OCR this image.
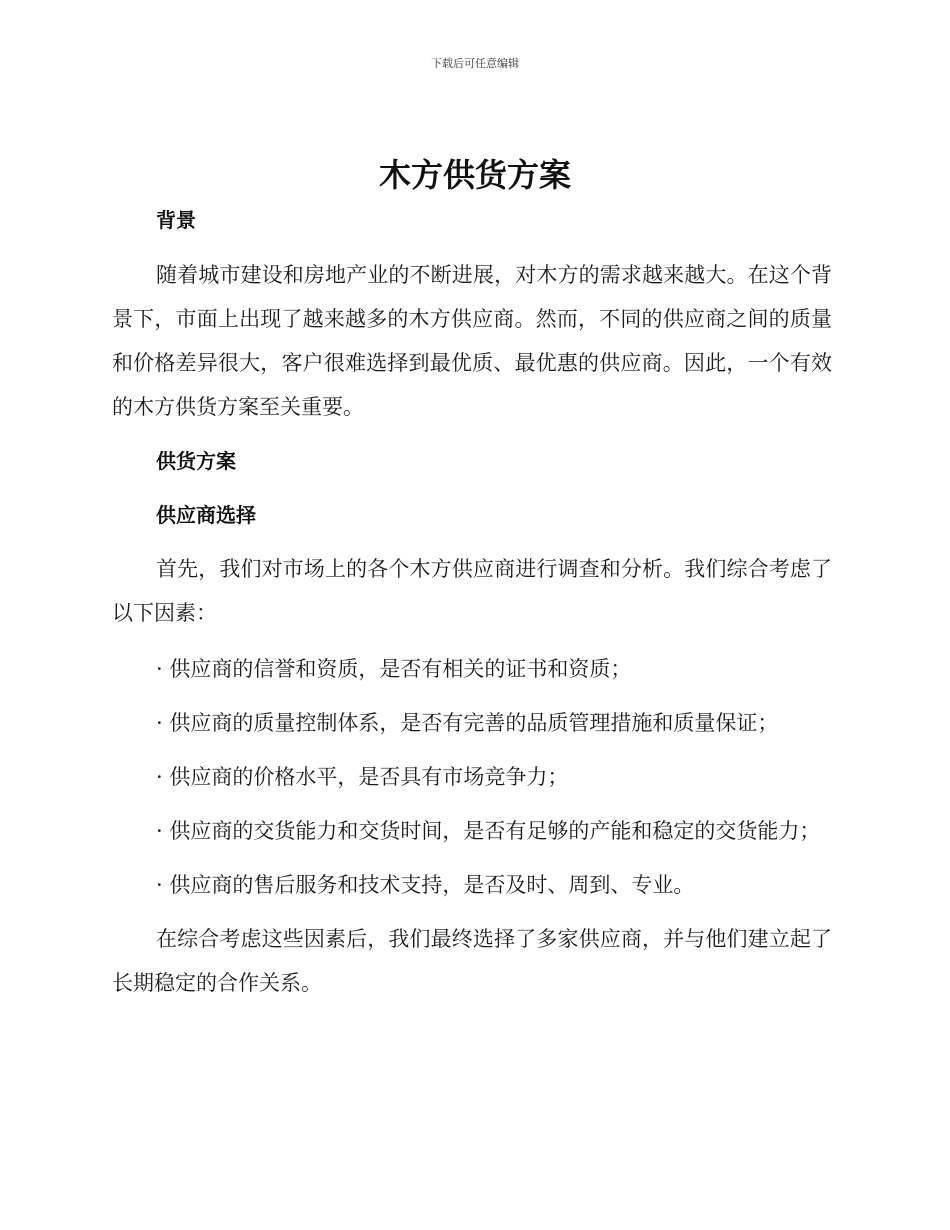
下载后可任意编辑
木方供货方案
背景

随着城市建设和房地产业的不断进展，对木方的需求越来越大。在这个背景下，市面上出现了越来越多的木方供应商。然而，不同的供应商之间的质量和价格差异很大，客户很难选择到最优质、最优惠的供应商。因此，一个有效的木方供货方案至关重要。

供货方案
供应商选择

首先，我们对市场上的各个木方供应商进行调查和分析。我们综合考虑了以下因素：

· 供应商的信誉和资质，是否有相关的证书和资质；

· 供应商的质量控制体系，是否有完善的品质管理措施和质量保证；

· 供应商的价格水平，是否具有市场竞争力；

· 供应商的交货能力和交货时间，是否有足够的产能和稳定的交货能力；

· 供应商的售后服务和技术支持，是否及时、周到、专业。

在综合考虑这些因素后，我们最终选择了多家供应商，并与他们建立起了长期稳定的合作关系。
